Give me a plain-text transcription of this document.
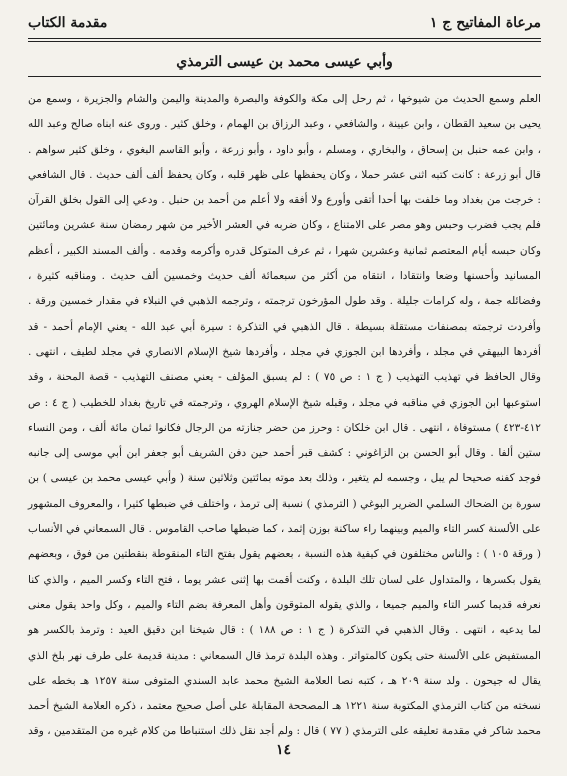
مرعاة المفاتيح ج ١
مقدمة الكتاب
وأبي عيسى محمد بن عيسى الترمذي

العلم وسمع الحديث من شيوخها ، ثم رحل إلى مكة والكوفة والبصرة والمدينة واليمن والشام والجزيرة ، وسمع من يحيى بن سعيد القطان ، وابن عيينة ، والشافعي ، وعبد الرزاق بن الهمام ، وخلق كثير . وروى عنه ابناه صالح وعبد الله ، وابن عمه حنبل بن إسحاق ، والبخاري ، ومسلم ، وأبو داود ، وأبو زرعة ، وأبو القاسم البغوي ، وخلق كثير سواهم . قال أبو زرعة : كانت كتبه اثنى عشر حملا ، وكان يحفظها على ظهر قلبه ، وكان يحفظ ألف ألف حديث . قال الشافعي : خرجت من بغداد وما خلفت بها أحدا أتقى وأورع ولا أفقه ولا أعلم من أحمد بن حنبل . ودعي إلى القول بخلق القرآن فلم يجب فضرب وحبس وهو مصر على الامتناع ، وكان ضربه في العشر الأخير من شهر رمضان سنة عشرين ومائتين وكان حبسه أيام المعتصم ثمانية وعشرين شهرا ، ثم عرف المتوكل قدره وأكرمه وقدمه . وألف المسند الكبير ، أعظم المسانيد وأحسنها وضعا وانتقادا ، انتقاه من أكثر من سبعمائة ألف حديث وخمسين ألف حديث . ومناقبه كثيرة ، وفضائله جمة ، وله كرامات جليلة . وقد طول المؤرخون ترجمته ، وترجمه الذهبي في النبلاء في مقدار خمسين ورقة . وأفردت ترجمته بمصنفات مستقلة بسيطة . قال الذهبي في التذكرة : سيرة أبي عبد الله - يعني الإمام أحمد - قد أفردها البيهقي في مجلد ، وأفردها ابن الجوزي في مجلد ، وأفردها شيخ الإسلام الانصاري في مجلد لطيف ، انتهى . وقال الحافظ في تهذيب التهذيب ( ج ١ : ص ٧٥ ) : لم يسبق المؤلف - يعني مصنف التهذيب - قصة المحنة ، وقد استوعبها ابن الجوزي في مناقبه في مجلد ، وقبله شيخ الإسلام الهروي ، وترجمته في تاريخ بغداد للخطيب ( ج ٤ : ص ٤١٢-٤٢٣ ) مستوفاة ، انتهى . قال ابن خلكان : وحرز من حضر جنازته من الرجال فكانوا ثمان مائة ألف ، ومن النساء ستين ألفا . وقال أبو الحسن بن الزاغوني : كشف قبر أحمد حين دفن الشريف أبو جعفر ابن أبي موسى إلى جانبه فوجد كفنه صحيحا لم يبل ، وجسمه لم يتغير ، وذلك بعد موته بمائتين وثلاثين سنة ( وأبي عيسى محمد بن عيسى ) بن سورة بن الضحاك السلمي الضرير البوغي ( الترمذي ) نسبة إلى ترمذ ، واختلف في ضبطها كثيرا ، والمعروف المشهور على الألسنة كسر التاء والميم وبينهما راء ساكنة بوزن إثمد ، كما ضبطها صاحب القاموس . قال السمعاني في الأنساب ( ورقة ١٠٥ ) : والناس مختلفون في كيفية هذه النسبة ، بعضهم يقول بفتح التاء المنقوطة بنقطتين من فوق ، وبعضهم يقول بكسرها ، والمتداول على لسان تلك البلدة ، وكنت أقمت بها إثنى عشر يوما ، فتح التاء وكسر الميم ، والذي كنا نعرفه قديما كسر التاء والميم جميعا ، والذي يقوله المتوقون وأهل المعرفة بضم التاء والميم ، وكل واحد يقول معنى لما يدعيه ، انتهى . وقال الذهبي في التذكرة ( ج ١ : ص ١٨٨ ) : قال شيخنا ابن دقيق العيد : وترمذ بالكسر هو المستفيض على الألسنة حتى يكون كالمتواتر . وهذه البلدة ترمذ قال السمعاني : مدينة قديمة على طرف نهر بلخ الذي يقال له جيحون . ولد سنة ٢٠٩ هـ ، كتبه نصا العلامة الشيخ محمد عابد السندي المتوفى سنة ١٢٥٧ هـ بخطه على نسخته من كتاب الترمذي المكتوبة سنة ١٢٢١ هـ المصححة المقابلة على أصل صحيح معتمد ، ذكره العلامة الشيخ أحمد محمد شاكر في مقدمة تعليقه على الترمذي ( ٧٧ ) قال : ولم أجد نقل ذلك استنباطا من كلام غيره من المتقدمين ، وقد

١٤
